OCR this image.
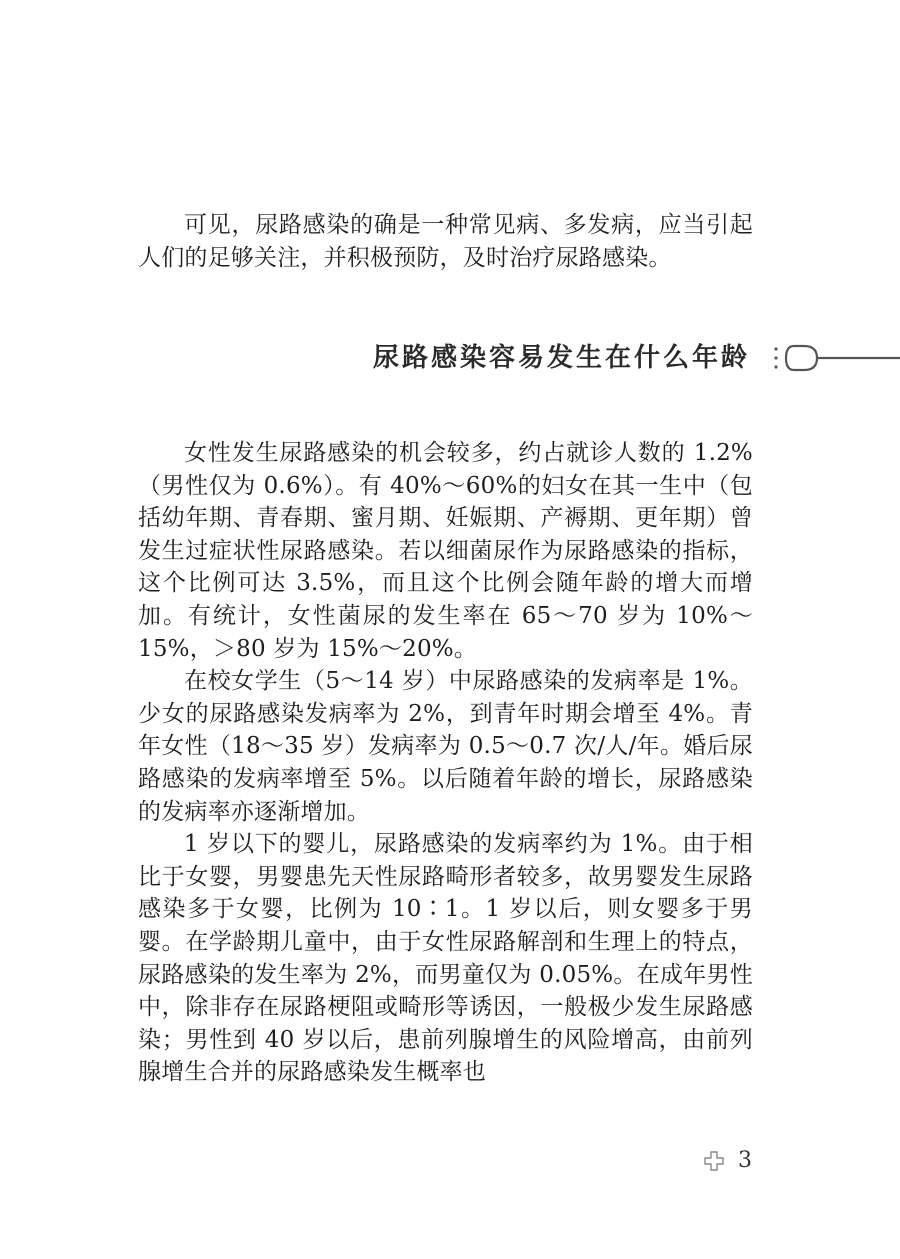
可见，尿路感染的确是一种常见病、多发病，应当引起人们的足够关注，并积极预防，及时治疗尿路感染。

尿路感染容易发生在什么年龄

女性发生尿路感染的机会较多，约占就诊人数的 1.2%（男性仅为 0.6%）。有 40%～60%的妇女在其一生中（包括幼年期、青春期、蜜月期、妊娠期、产褥期、更年期）曾发生过症状性尿路感染。若以细菌尿作为尿路感染的指标，这个比例可达 3.5%，而且这个比例会随年龄的增大而增加。有统计，女性菌尿的发生率在 65～70 岁为 10%～15%，＞80 岁为 15%～20%。

在校女学生（5～14 岁）中尿路感染的发病率是 1%。少女的尿路感染发病率为 2%，到青年时期会增至 4%。青年女性（18～35 岁）发病率为 0.5～0.7 次/人/年。婚后尿路感染的发病率增至 5%。以后随着年龄的增长，尿路感染的发病率亦逐渐增加。

1 岁以下的婴儿，尿路感染的发病率约为 1%。由于相比于女婴，男婴患先天性尿路畸形者较多，故男婴发生尿路感染多于女婴，比例为 10∶1。1 岁以后，则女婴多于男婴。在学龄期儿童中，由于女性尿路解剖和生理上的特点，尿路感染的发生率为 2%，而男童仅为 0.05%。在成年男性中，除非存在尿路梗阻或畸形等诱因，一般极少发生尿路感染；男性到 40 岁以后，患前列腺增生的风险增高，由前列腺增生合并的尿路感染发生概率也

3
